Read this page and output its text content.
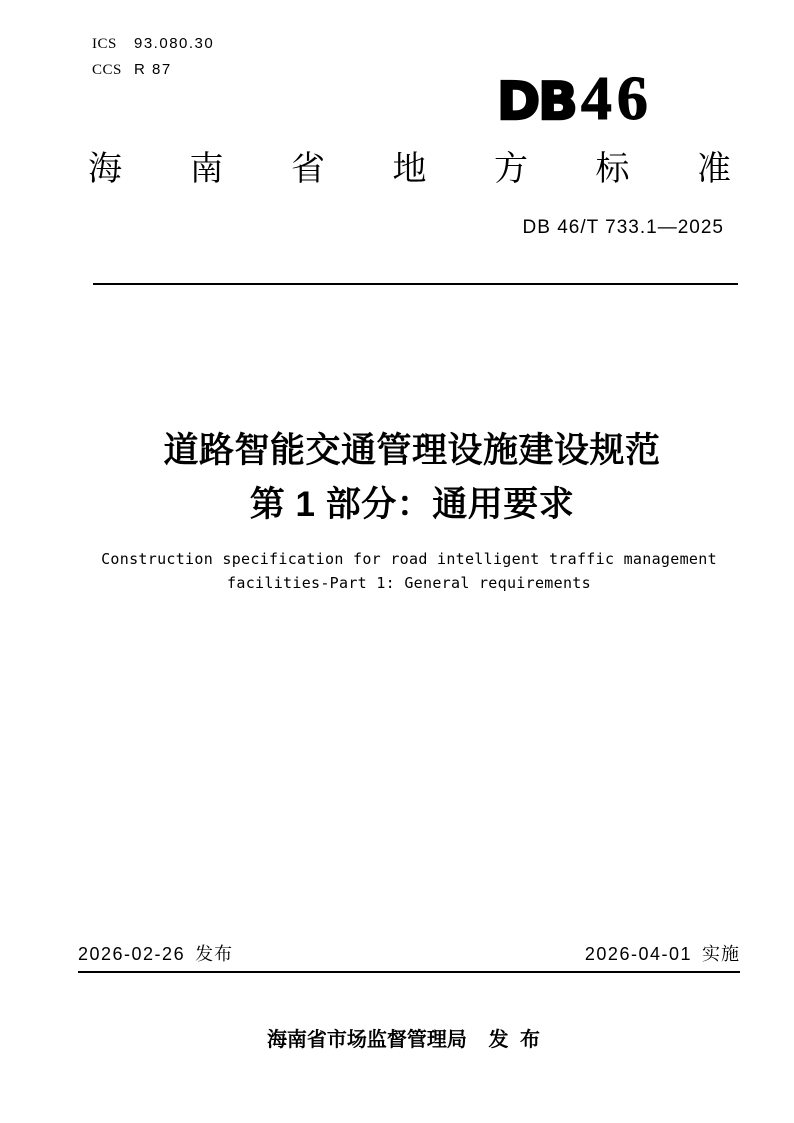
ICS	93.080.30
CCS R 87
DB 46
海 南 省 地 方 标 准
DB 46/T 733.1—2025
道路智能交通管理设施建设规范
第 1 部分：通用要求
Construction specification for road intelligent traffic management
facilities-Part 1: General requirements
2026-02-26 发布	2026-04-01 实施
海南省市场监督管理局 发 布
